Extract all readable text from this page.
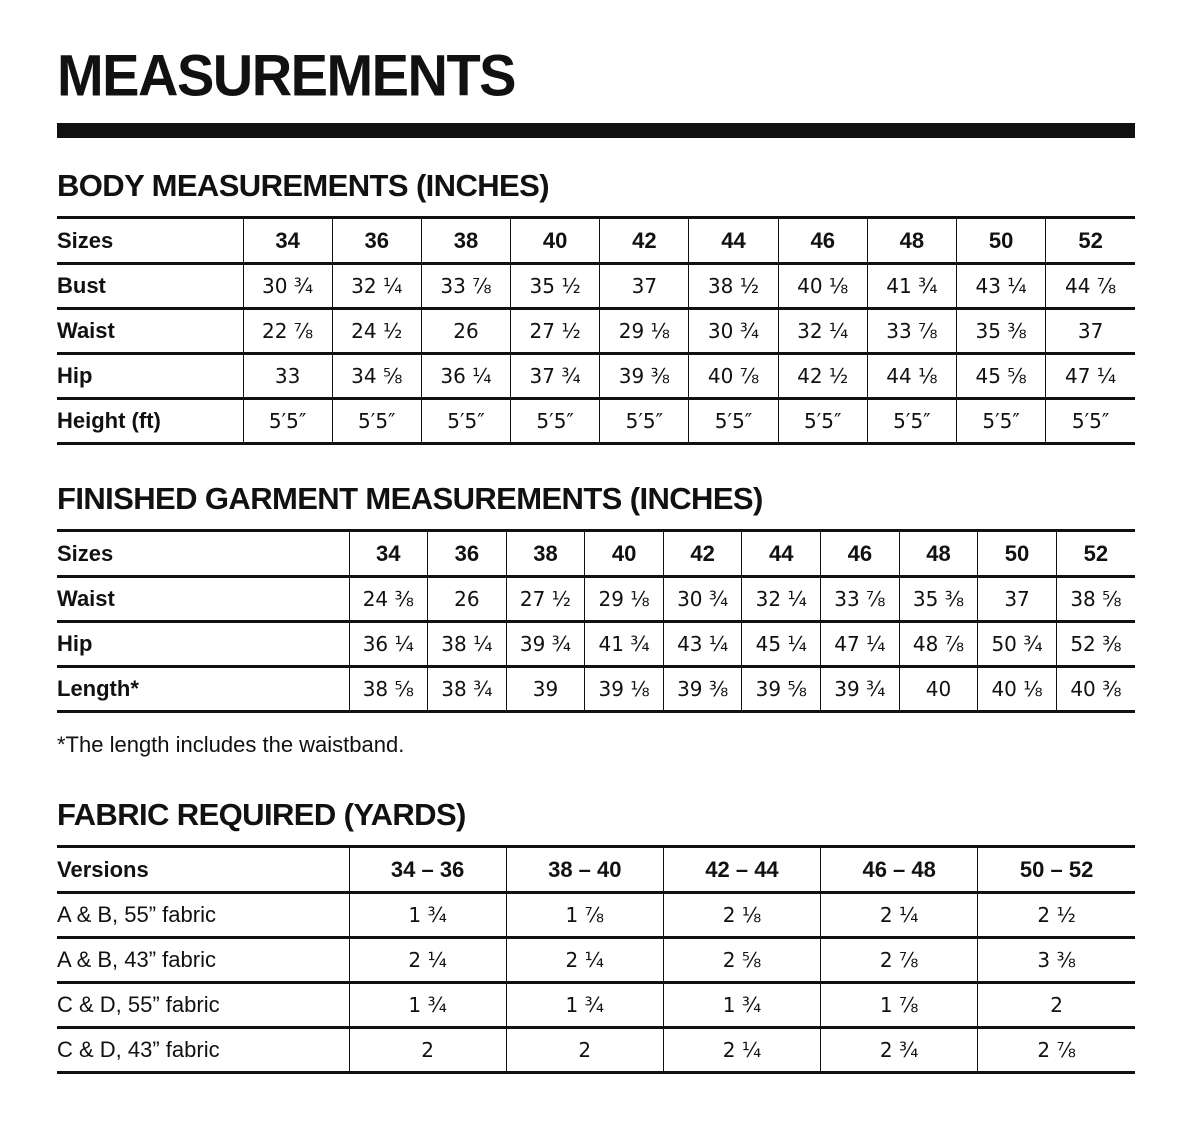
MEASUREMENTS
BODY MEASUREMENTS (INCHES)
Sizes	34	36	38	40	42	44	46	48	50	52
Bust	30 ¾	32 ¼	33 ⅞	35 ½	37	38 ½	40 ⅛	41 ¾	43 ¼	44 ⅞
Waist	22 ⅞	24 ½	26	27 ½	29 ⅛	30 ¾	32 ¼	33 ⅞	35 ⅜	37
Hip	33	34 ⅝	36 ¼	37 ¾	39 ⅜	40 ⅞	42 ½	44 ⅛	45 ⅝	47 ¼
Height (ft)	5′5″	5′5″	5′5″	5′5″	5′5″	5′5″	5′5″	5′5″	5′5″	5′5″
FINISHED GARMENT MEASUREMENTS (INCHES)
Sizes	34	36	38	40	42	44	46	48	50	52
Waist	24 ⅜	26	27 ½	29 ⅛	30 ¾	32 ¼	33 ⅞	35 ⅜	37	38 ⅝
Hip	36 ¼	38 ¼	39 ¾	41 ¾	43 ¼	45 ¼	47 ¼	48 ⅞	50 ¾	52 ⅜
Length*	38 ⅝	38 ¾	39	39 ⅛	39 ⅜	39 ⅝	39 ¾	40	40 ⅛	40 ⅜

*The length includes the waistband.

FABRIC REQUIRED (YARDS)
Versions	34 – 36	38 – 40	42 – 44	46 – 48	50 – 52
A & B, 55” fabric	1 ¾	1 ⅞	2 ⅛	2 ¼	2 ½
A & B, 43” fabric	2 ¼	2 ¼	2 ⅝	2 ⅞	3 ⅜
C & D, 55” fabric	1 ¾	1 ¾	1 ¾	1 ⅞	2
C & D, 43” fabric	2	2	2 ¼	2 ¾	2 ⅞
